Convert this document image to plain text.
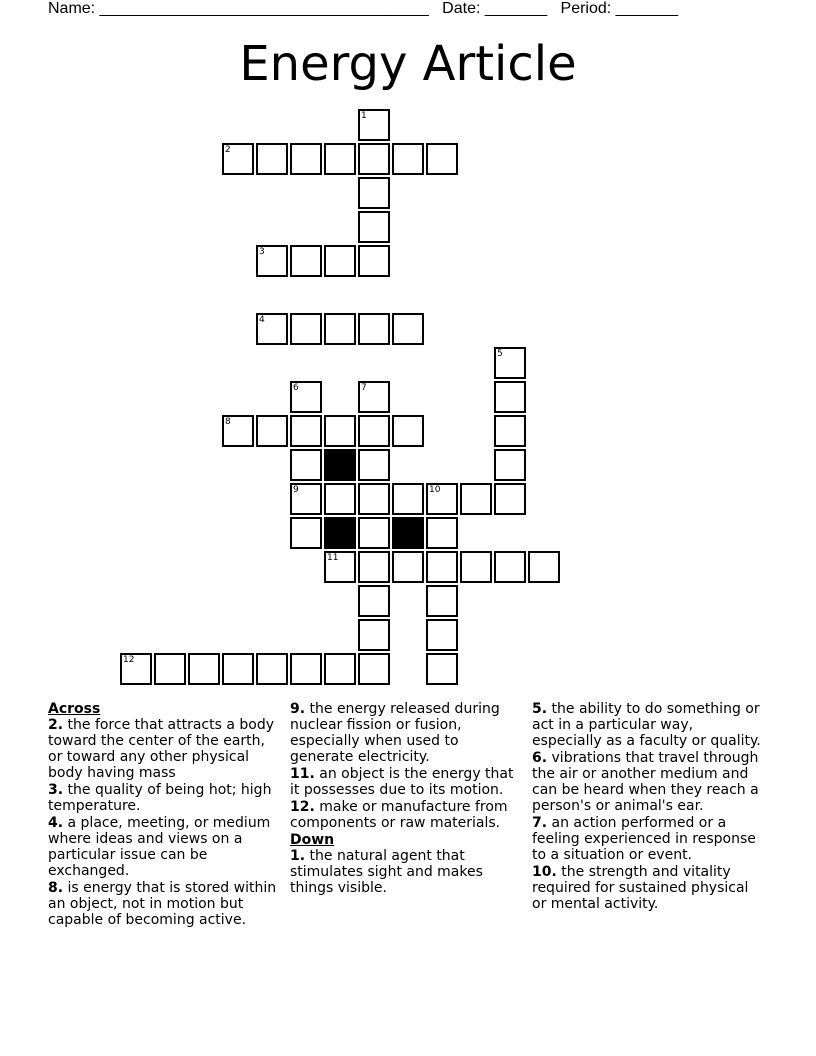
Name: _____________________________________ Date: _______ Period: _______
Energy Article
1
2
3
4
5
6	7
8
9	10
11
12
Across
2. the force that attracts a body toward the center of the earth, or toward any other physical body having mass
3. the quality of being hot; high temperature.
4. a place, meeting, or medium where ideas and views on a particular issue can be exchanged.
8. is energy that is stored within an object, not in motion but capable of becoming active.
9. the energy released during nuclear fission or fusion, especially when used to generate electricity.
11. an object is the energy that it possesses due to its motion.
12. make or manufacture from components or raw materials.
Down
1. the natural agent that stimulates sight and makes things visible.
5. the ability to do something or act in a particular way, especially as a faculty or quality.
6. vibrations that travel through the air or another medium and can be heard when they reach a person's or animal's ear.
7. an action performed or a feeling experienced in response to a situation or event.
10. the strength and vitality required for sustained physical or mental activity.
